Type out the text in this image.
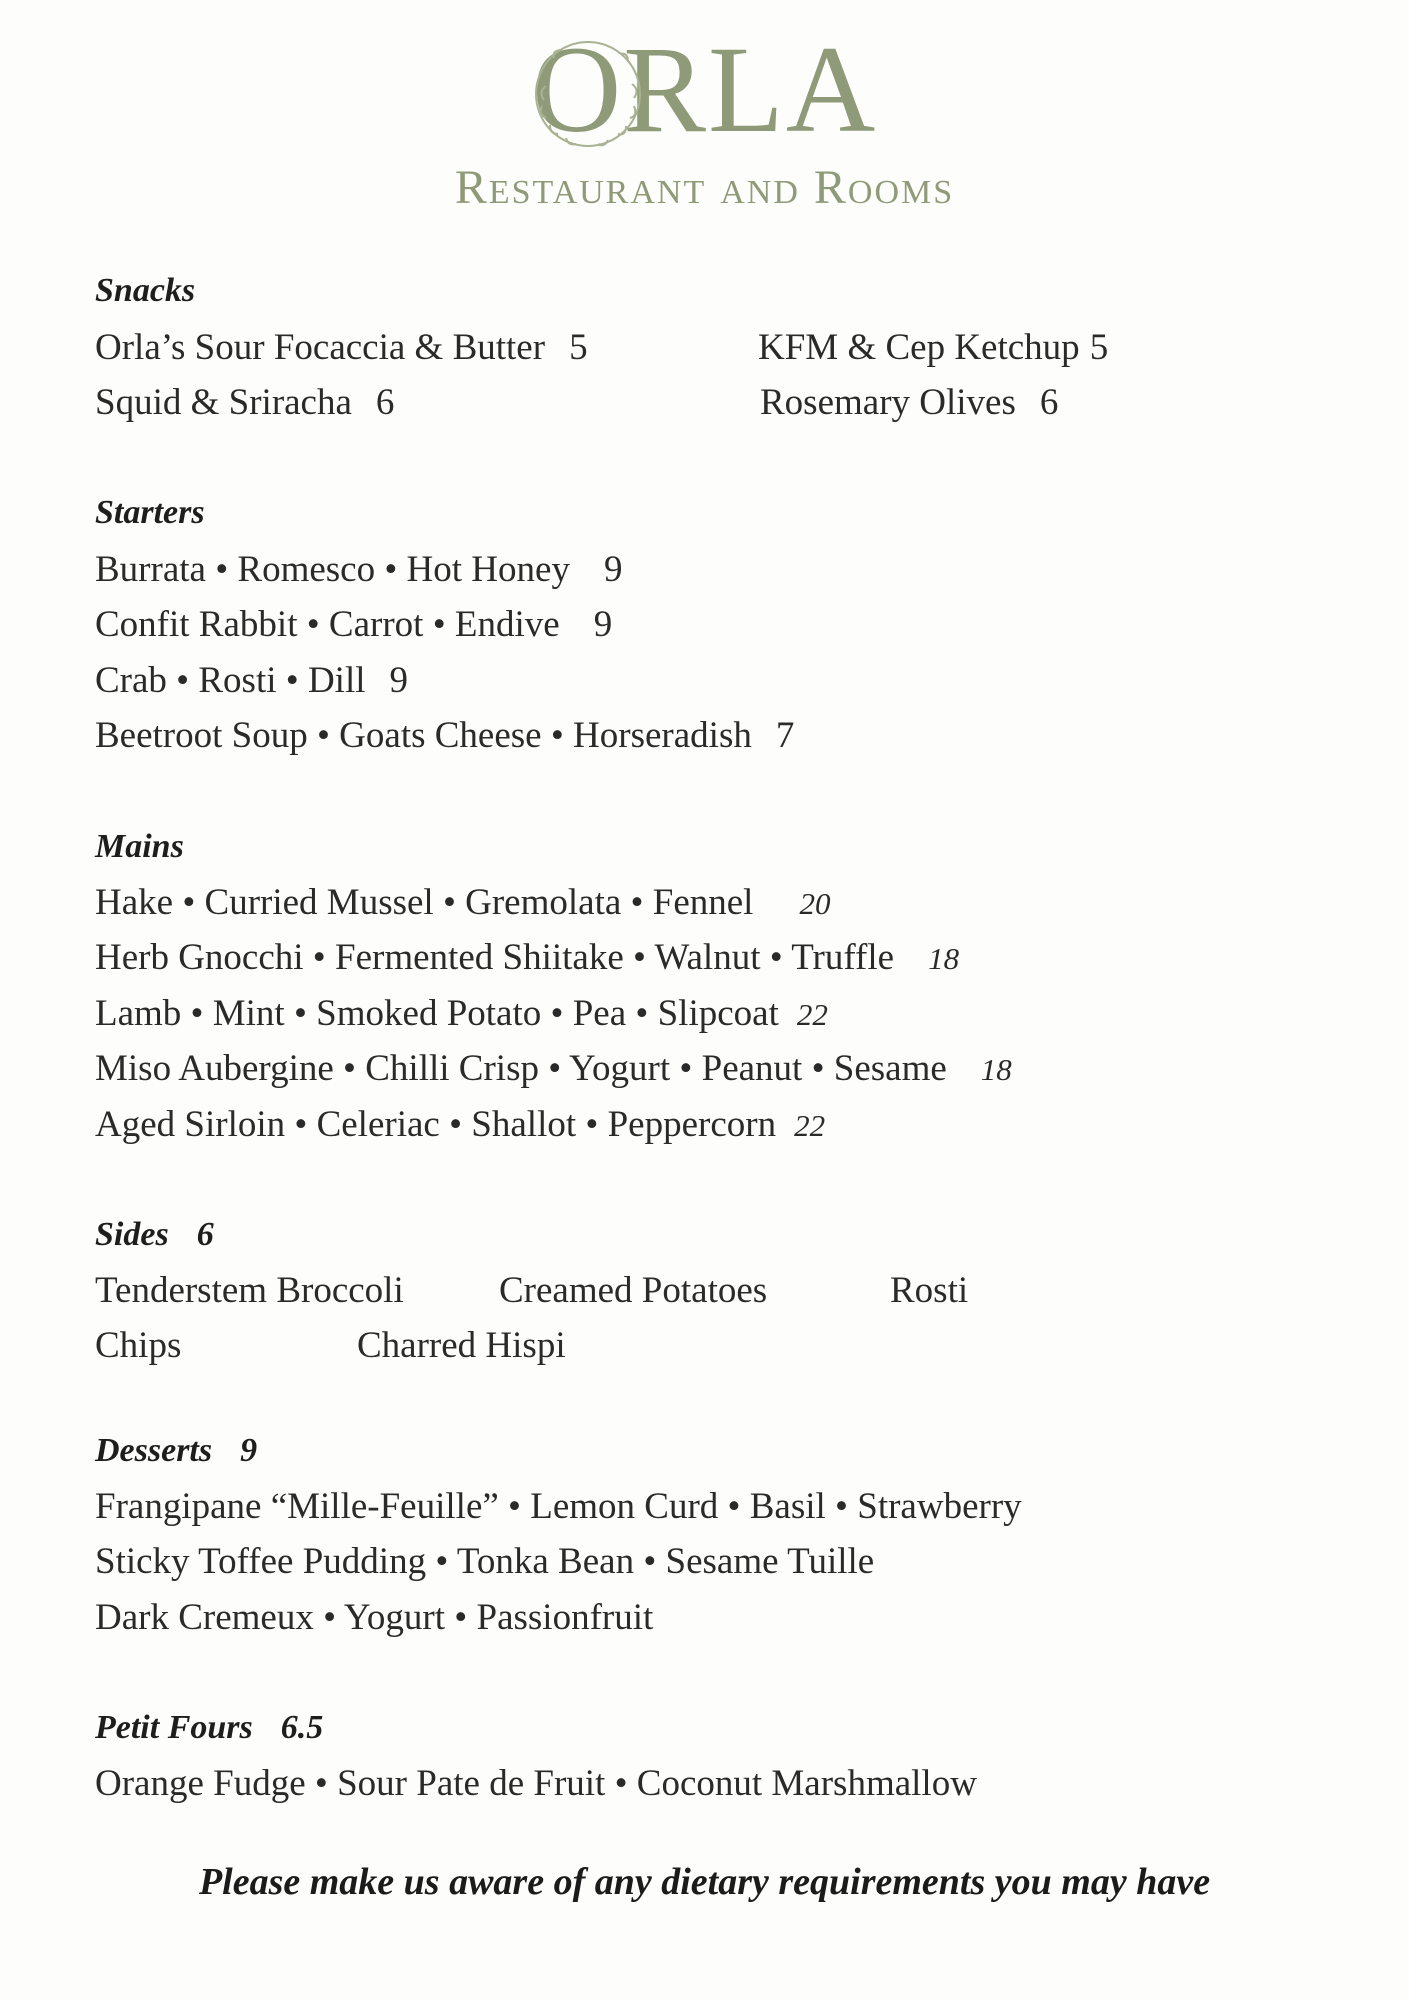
ORLA
Restaurant and Rooms
Snacks
Orla’s Sour Focaccia & Butter 5	KFM & Cep Ketchup 5
Squid & Sriracha 6	Rosemary Olives 6
Starters
Burrata • Romesco • Hot Honey 9
Confit Rabbit • Carrot • Endive 9
Crab • Rosti • Dill 9
Beetroot Soup • Goats Cheese • Horseradish 7
Mains
Hake • Curried Mussel • Gremolata • Fennel 20
Herb Gnocchi • Fermented Shiitake • Walnut • Truffle 18
Lamb • Mint • Smoked Potato • Pea • Slipcoat 22
Miso Aubergine • Chilli Crisp • Yogurt • Peanut • Sesame 18
Aged Sirloin • Celeriac • Shallot • Peppercorn 22
Sides 6
Tenderstem Broccoli	Creamed Potatoes	Rosti
Chips	Charred Hispi
Desserts 9
Frangipane “Mille-Feuille” • Lemon Curd • Basil • Strawberry
Sticky Toffee Pudding • Tonka Bean • Sesame Tuille
Dark Cremeux • Yogurt • Passionfruit
Petit Fours 6.5
Orange Fudge • Sour Pate de Fruit • Coconut Marshmallow
Please make us aware of any dietary requirements you may have
